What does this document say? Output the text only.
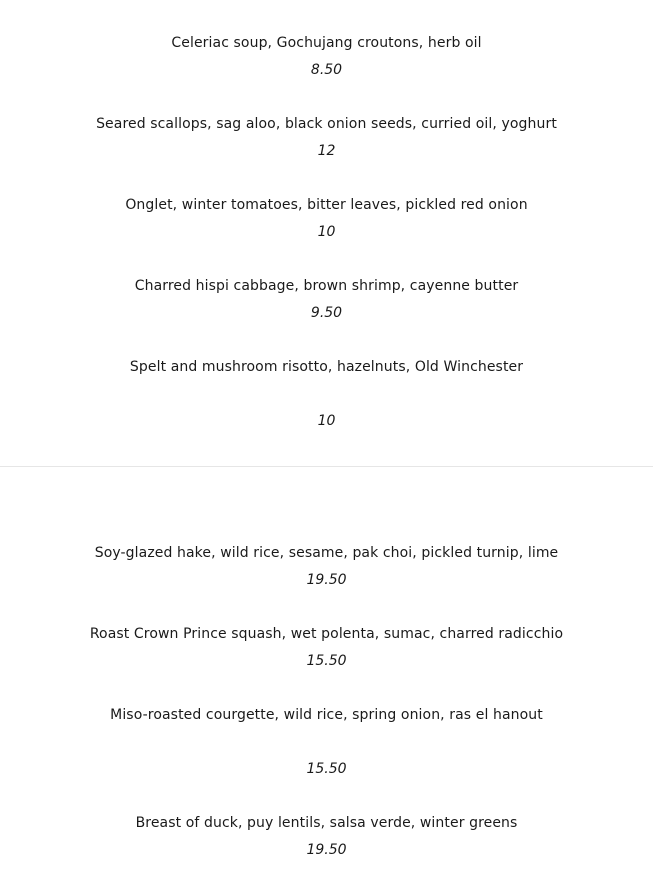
Celeriac soup, Gochujang croutons, herb oil
8.50
Seared scallops, sag aloo, black onion seeds, curried oil, yoghurt
12
Onglet, winter tomatoes, bitter leaves, pickled red onion
10
Charred hispi cabbage, brown shrimp, cayenne butter
9.50
Spelt and mushroom risotto, hazelnuts, Old Winchester
10
Soy-glazed hake, wild rice, sesame, pak choi, pickled turnip, lime
19.50
Roast Crown Prince squash, wet polenta, sumac, charred radicchio
15.50
Miso-roasted courgette, wild rice, spring onion, ras el hanout
15.50
Breast of duck, puy lentils, salsa verde, winter greens
19.50
